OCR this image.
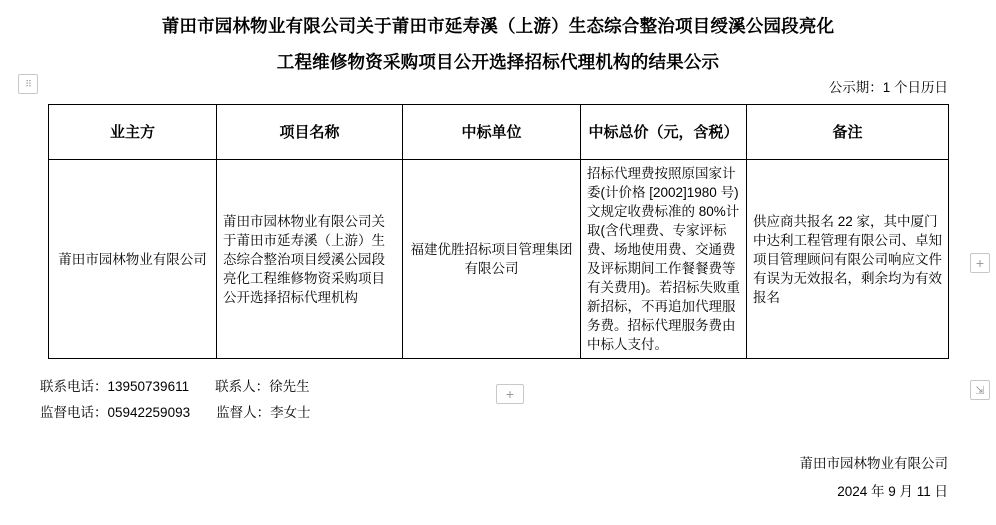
莆田市园林物业有限公司关于莆田市延寿溪（上游）生态综合整治项目绶溪公园段亮化
工程维修物资采购项目公开选择招标代理机构的结果公示
公示期：1 个日历日
业主方	项目名称	中标单位	中标总价（元，含税）	备注
莆田市园林物业有限公司	莆田市园林物业有限公司关于莆田市延寿溪（上游）生态综合整治项目绶溪公园段亮化工程维修物资采购项目公开选择招标代理机构	福建优胜招标项目管理集团有限公司	招标代理费按照原国家计委(计价格 [2002]1980 号)文规定收费标准的 80%计取(含代理费、专家评标费、场地使用费、交通费及评标期间工作餐餐费等有关费用)。若招标失败重新招标，不再追加代理服务费。招标代理服务费由中标人支付。	供应商共报名 22 家，其中厦门中达利工程管理有限公司、卓知项目管理顾问有限公司响应文件有误为无效报名，剩余均为有效报名
联系电话：13950739611 联系人：徐先生
监督电话：05942259093 监督人：李女士
莆田市园林物业有限公司
2024 年 9 月 11 日
⠿
+
+	⇲
